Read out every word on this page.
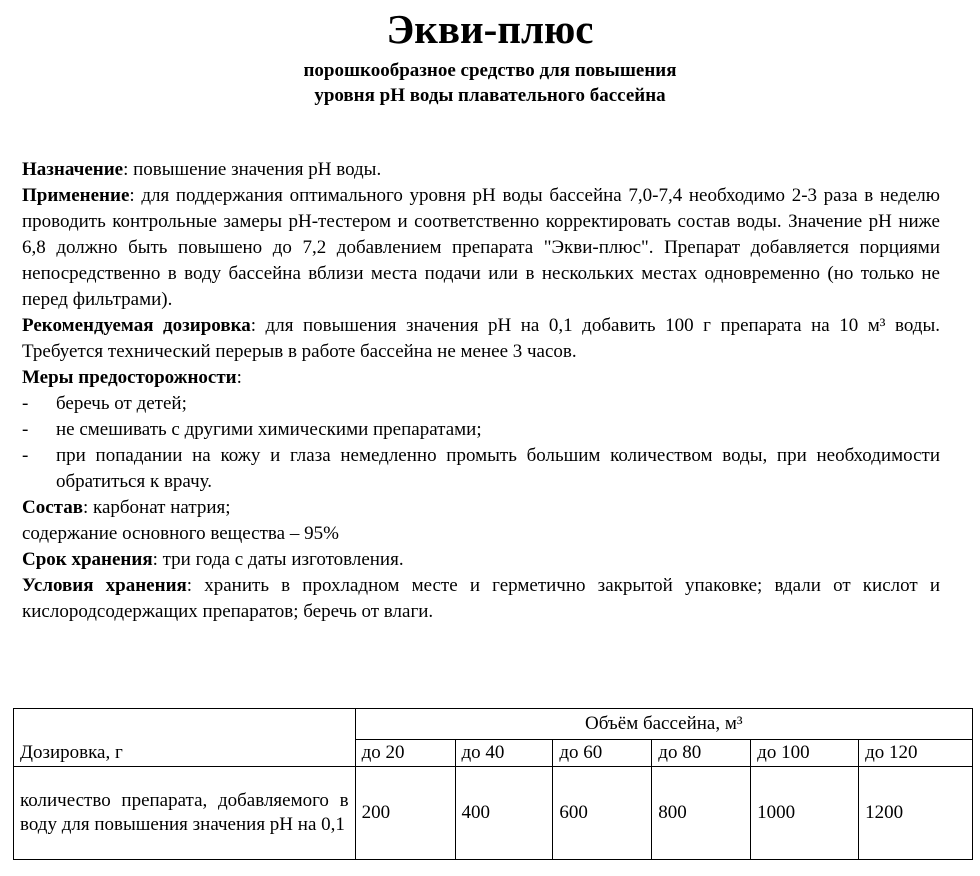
Экви-плюс
порошкообразное средство для повышения
уровня pH воды плавательного бассейна

Назначение: повышение значения pH воды.

Применение: для поддержания оптимального уровня pH воды бассейна 7,0-7,4 необходимо 2-3 раза в неделю проводить контрольные замеры pH-тестером и соответственно корректировать состав воды. Значение pH ниже 6,8 должно быть повышено до 7,2 добавлением препарата "Экви-плюс". Препарат добавляется порциями непосредственно в воду бассейна вблизи места подачи или в нескольких местах одновременно (но только не перед фильтрами).

Рекомендуемая дозировка: для повышения значения pH на 0,1 добавить 100 г препарата на 10 м³ воды. Требуется технический перерыв в работе бассейна не менее 3 часов.

Меры предосторожности:

- беречь от детей;
- не смешивать с другими химическими препаратами;
- при попадании на кожу и глаза немедленно промыть большим количеством воды, при необходимости обратиться к врачу.

Состав: карбонат натрия;

содержание основного вещества – 95%

Срок хранения: три года с даты изготовления.

Условия хранения: хранить в прохладном месте и герметично закрытой упаковке; вдали от кислот и кислородсодержащих препаратов; беречь от влаги.

Дозировка, г	Объём бассейна, м³					
	до 20	до 40	до 60	до 80	до 100	до 120
количество препарата, добавляемого в воду для повышения значения pH на 0,1	200	400	600	800	1000	1200
